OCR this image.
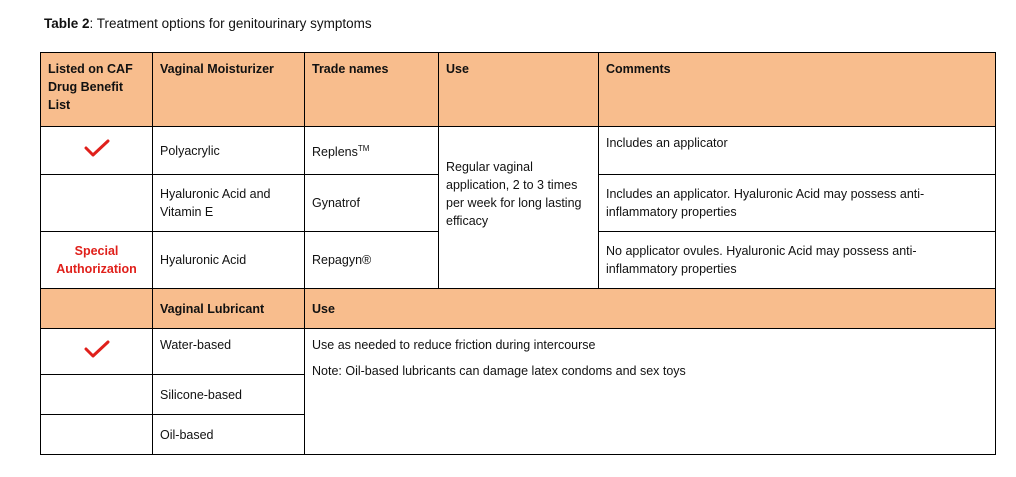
Table 2: Treatment options for genitourinary symptoms
Listed on CAF Drug Benefit List	Vaginal Moisturizer	Trade names	Use	Comments
	Polyacrylic	Replens™	Regular vaginal application, 2 to 3 times per week for long lasting efficacy	Includes an applicator
	Hyaluronic Acid and Vitamin E	Gynatrof		Includes an applicator. Hyaluronic Acid may possess anti-inflammatory properties
Special Authorization	Hyaluronic Acid	Repagyn®		No applicator ovules. Hyaluronic Acid may possess anti-inflammatory properties
	Vaginal Lubricant	Use		
	Water-based	Use as needed to reduce friction during intercourse
Note: Oil-based lubricants can damage latex condoms and sex toys		

	Silicone-based			
	Oil-based			
